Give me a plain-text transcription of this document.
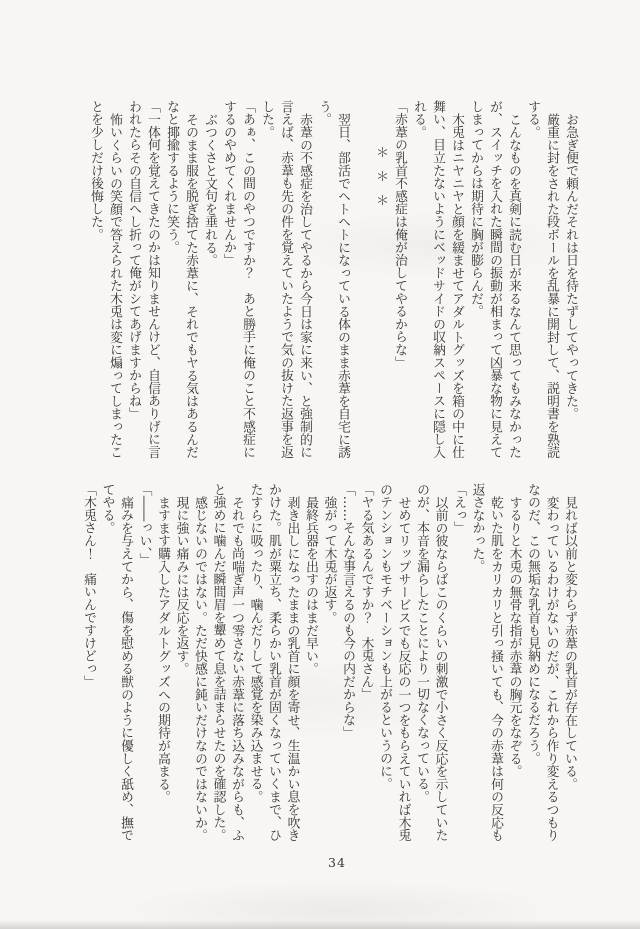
お急ぎ便で頼んだそれは日を待たずしてやってきた。

厳重に封をされた段ボールを乱暴に開封して、説明書を熟読する。

こんなものを真剣に読む日が来るなんて思ってもみなかったが、スイッチを入れた瞬間の振動が相まって凶暴な物に見えてしまってからは期待に胸が膨らんだ。

木兎はニヤニヤと顔を緩ませてアダルトグッズを箱の中に仕舞い、目立たないようにベッドサイドの収納スペースに隠し入れる。

「赤葦の乳首不感症は俺が治してやるからな」

＊＊＊

翌日、部活でヘトヘトになっている体のまま赤葦を自宅に誘う。

赤葦の不感症を治してやるから今日は家に来い、と強制的に言えば、赤葦も先の件を覚えていたようで気の抜けた返事を返した。

「あぁ、この間のやつですか？　あと勝手に俺のこと不感症にするのやめてくれませんか」

ぶつくさと文句を垂れる。

そのまま服を脱ぎ捨てた赤葦に、それでもヤる気はあるんだなと揶揄するように笑う。

「一体何を覚えてきたのかは知りませんけど、自信ありげに言われたらその自信へし折って俺がシてあげますからね」

怖いくらいの笑顔で答えられた木兎は変に煽ってしまったことを少しだけ後悔した。

見れば以前と変わらず赤葦の乳首が存在している。

変わっているわけがないのだが、これから作り変えるつもりなのだ、この無垢な乳首も見納めになるだろう。

するりと木兎の無骨な指が赤葦の胸元をなぞる。

乾いた肌をカリカリと引っ掻いても、今の赤葦は何の反応も返さなかった。

「えっ」

以前の彼ならばこのくらいの刺激で小さく反応を示していたのが、本音を漏らしたことにより一切なくなっている。

せめてリップサービスでも反応の一つをもらえていれば木兎のテンションもモチベーションも上がるというのに。

「ヤる気あるんですか？　木兎さん」

「……そんな事言えるのも今の内だからな」

強がって木兎が返す。

最終兵器を出すのはまだ早い。

剥き出しになったままの乳首に顔を寄せ、生温かい息を吹きかけた。肌が粟立ち、柔らかい乳首が固くなっていくまで、ひたすらに吸ったり、噛んだりして感覚を染み込ませる。

それでも尚喘ぎ声一つ零さない赤葦に落ち込みながらも、ふと強めに噛んだ瞬間眉を顰めて息を詰まらせたのを確認した。

感じないのではない。ただ快感に鈍いだけなのではないか。

現に強い痛みには反応を返す。

ますます購入したアダルトグッズへの期待が高まる。

「――っい、」

痛みを与えてから、傷を慰める獣のように優しく舐め、撫でてやる。

「木兎さん！　痛いんですけどっ」

34
